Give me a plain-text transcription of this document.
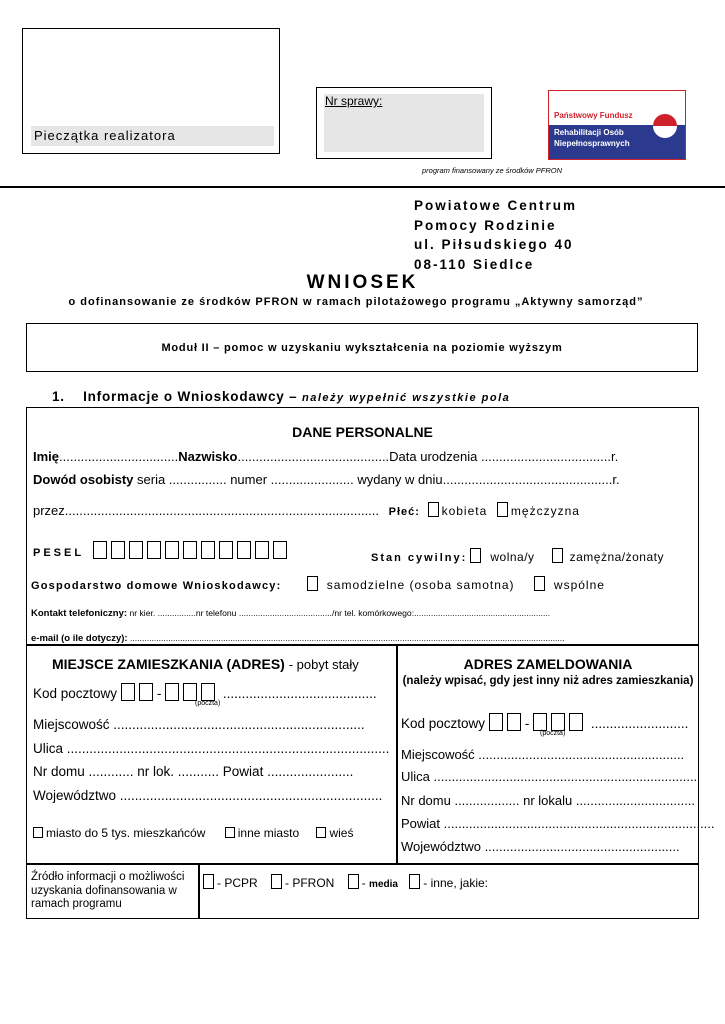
Pieczątka realizatora
Nr sprawy:
Państwowy Fundusz
Rehabilitacji Osób
Niepełnosprawnych
program finansowany ze środków PFRON
Powiatowe Centrum
Pomocy Rodzinie
ul. Piłsudskiego 40
08-110 Siedlce
WNIOSEK
o dofinansowanie ze środków PFRON w ramach pilotażowego programu „Aktywny samorząd”
Moduł II – pomoc w uzyskaniu wykształcenia na poziomie wyższym
1. Informacje o Wnioskodawcy – należy wypełnić wszystkie pola
DANE PERSONALNE
Imię.................................Nazwisko..........................................Data urodzenia ....................................r.
Dowód osobisty seria ................ numer ....................... wydany w dniu...............................................r.
przez....................................................................................... Płeć: kobieta mężczyzna
PESEL	Stan cywilny: wolna/y	zamężna/żonaty
Gospodarstwo domowe Wnioskodawcy:	samodzielne (osoba samotna)	wspólne
Kontakt telefoniczny: nr kier. ................nr telefonu ......................................./nr tel. komórkowego:.........................................................
e-mail (o ile dotyczy): ......................................................................................................................................................................................
MIEJSCE ZAMIESZKANIA (ADRES) - pobyt stały
Kod pocztowy	-	.........................................
(poczta)
Miejscowość ...................................................................
Ulica ......................................................................................
Nr domu ............ nr lok. ........... Powiat .......................
Województwo ......................................................................
miasto do 5 tys. mieszkańców	inne miasto	wieś
ADRES ZAMELDOWANIA
(należy wpisać, gdy jest inny niż adres zamieszkania)
Kod pocztowy	-	..........................
(poczta)
Miejscowość .........................................................
Ulica .........................................................................
Nr domu .................. nr lokalu .................................
Powiat ...........................................................................
Województwo ......................................................
Źródło informacji o możliwości uzyskania dofinansowania w ramach programu
- PCPR - PFRON - media - inne, jakie:
